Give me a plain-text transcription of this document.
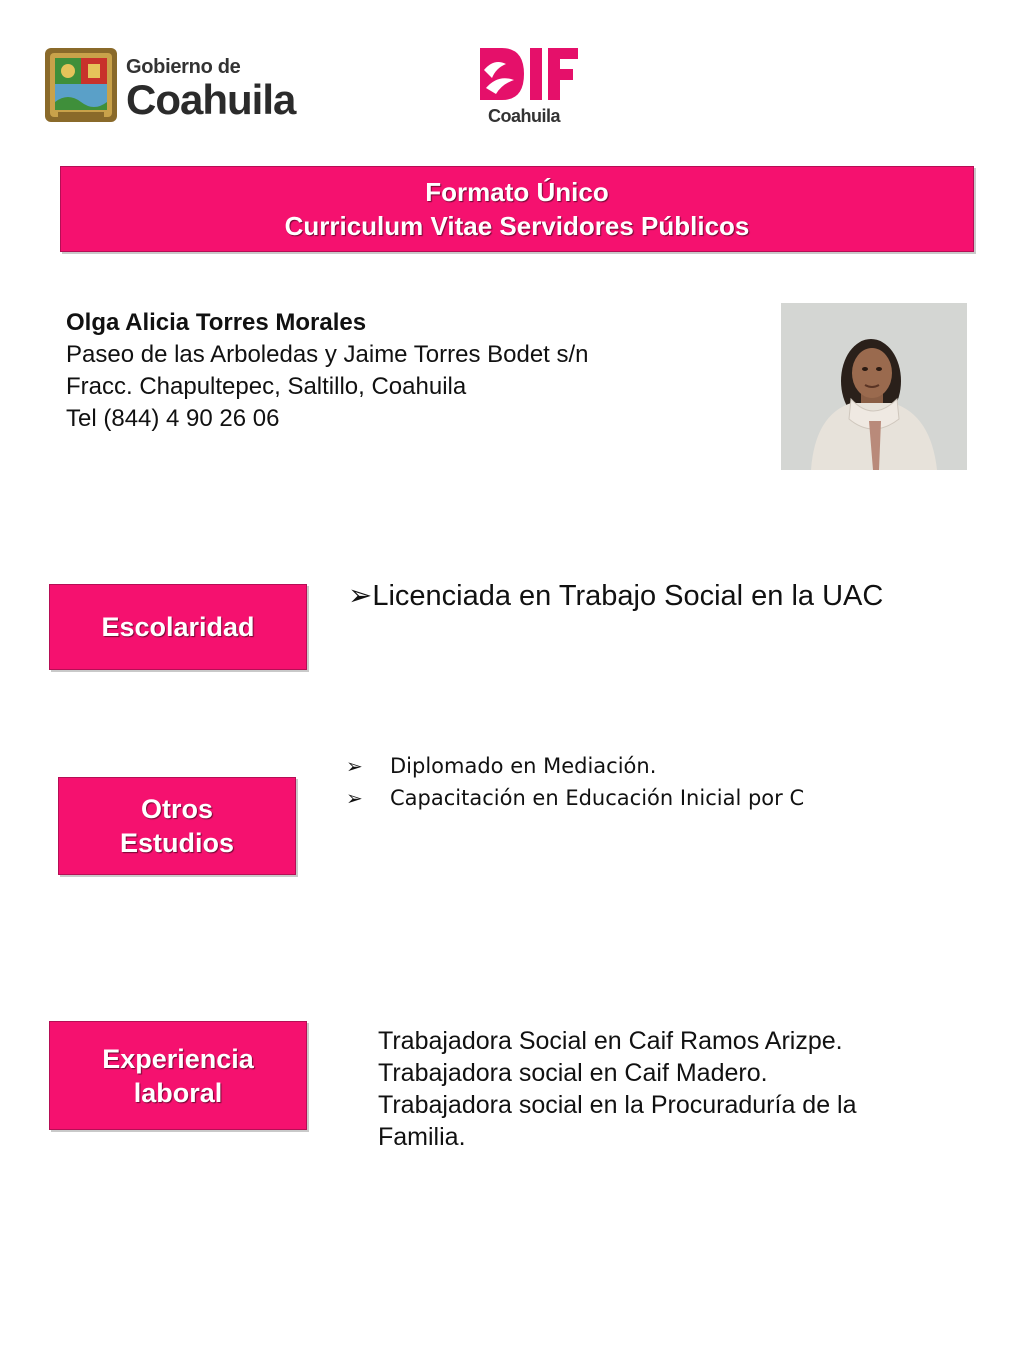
Gobierno de
Coahuila	Coahuila
Formato Único
Curriculum Vitae Servidores Públicos
Olga Alicia Torres Morales
Paseo de las Arboledas y Jaime Torres Bodet s/n
Fracc. Chapultepec, Saltillo, Coahuila
Tel (844) 4 90 26 06
Escolaridad
➢Licenciada en Trabajo Social en la UAC
Otros
Estudios
➢	Diplomado en Mediación.
➢	Capacitación en Educación Inicial por C
Experiencia
laboral
Trabajadora Social en Caif Ramos Arizpe.
Trabajadora social en Caif Madero.
Trabajadora social en la Procuraduría de la
Familia.
